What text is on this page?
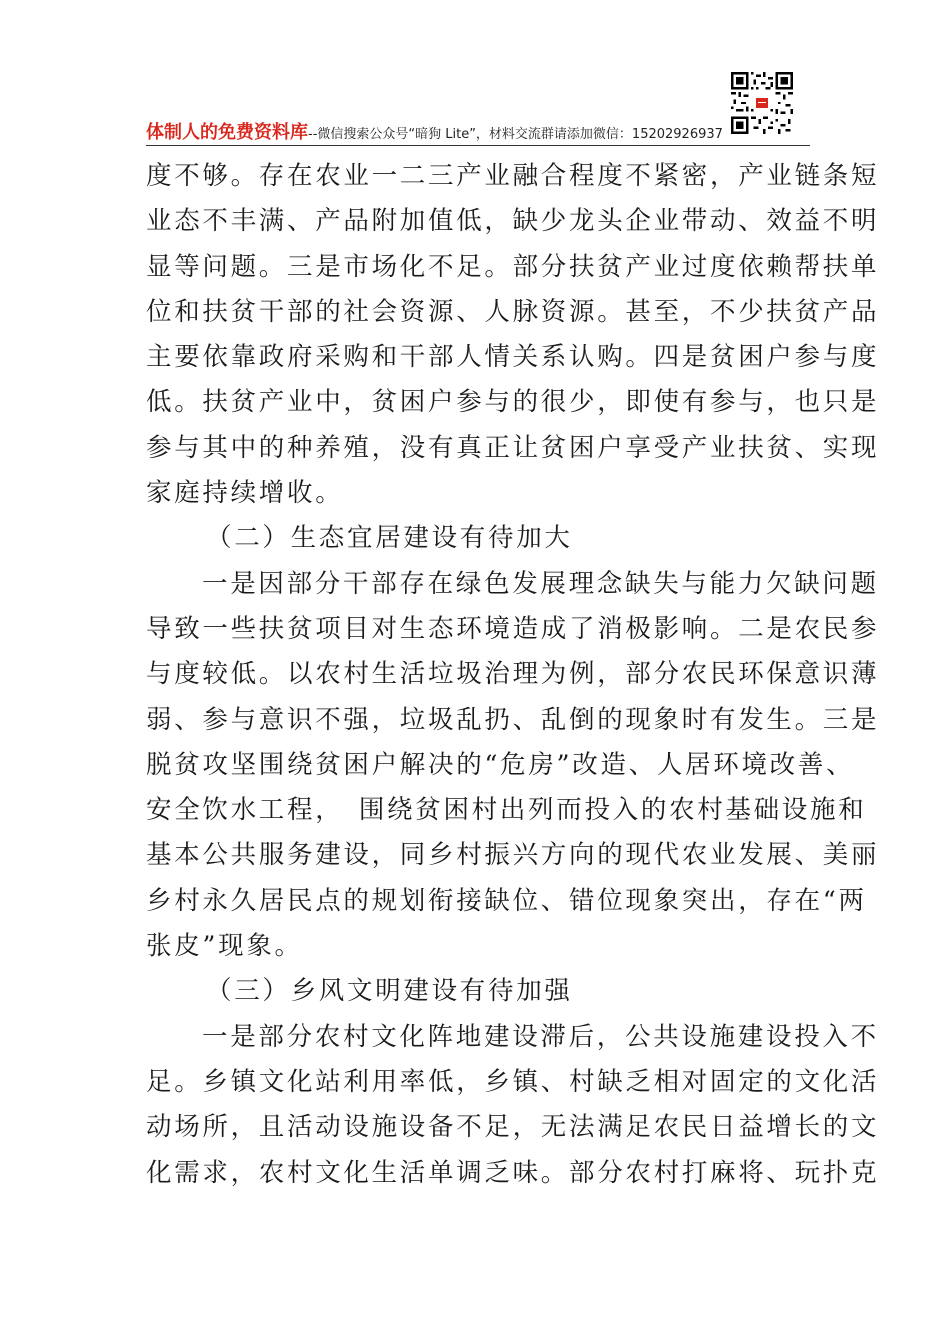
体制人的免费资料库--微信搜索公众号“暗狗 Lite”，材料交流群请添加微信：15202926937
度不够。存在农业一二三产业融合程度不紧密，产业链条短
业态不丰满、产品附加值低，缺少龙头企业带动、效益不明
显等问题。三是市场化不足。部分扶贫产业过度依赖帮扶单
位和扶贫干部的社会资源、人脉资源。甚至，不少扶贫产品
主要依靠政府采购和干部人情关系认购。四是贫困户参与度
低。扶贫产业中，贫困户参与的很少，即使有参与，也只是
参与其中的种养殖，没有真正让贫困户享受产业扶贫、实现
家庭持续增收。
（二）生态宜居建设有待加大
一是因部分干部存在绿色发展理念缺失与能力欠缺问题
导致一些扶贫项目对生态环境造成了消极影响。二是农民参
与度较低。以农村生活垃圾治理为例，部分农民环保意识薄
弱、参与意识不强，垃圾乱扔、乱倒的现象时有发生。三是
脱贫攻坚围绕贫困户解决的“危房”改造、人居环境改善、
安全饮水工程，　围绕贫困村出列而投入的农村基础设施和
基本公共服务建设，同乡村振兴方向的现代农业发展、美丽
乡村永久居民点的规划衔接缺位、错位现象突出，存在“两
张皮”现象。
（三）乡风文明建设有待加强
一是部分农村文化阵地建设滞后，公共设施建设投入不
足。乡镇文化站利用率低，乡镇、村缺乏相对固定的文化活
动场所，且活动设施设备不足，无法满足农民日益增长的文
化需求，农村文化生活单调乏味。部分农村打麻将、玩扑克
